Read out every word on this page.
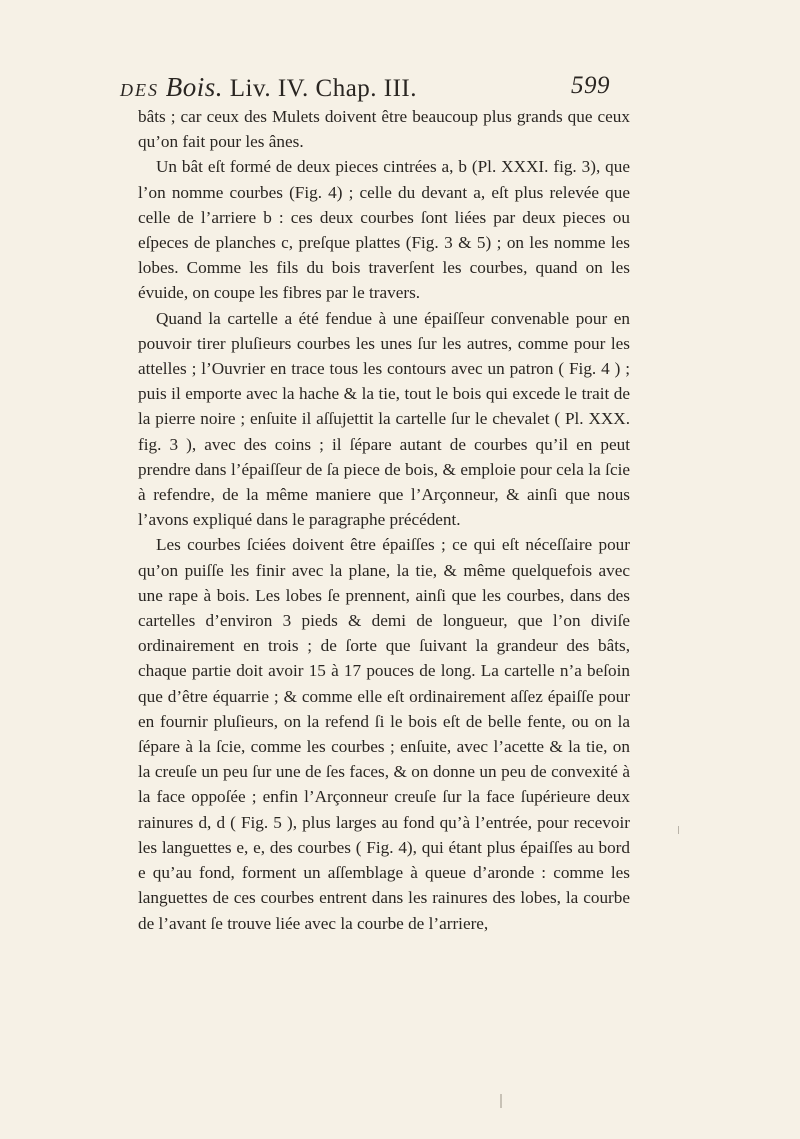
DES Bois. Liv. IV. Chap. III.	599

bâts ; car ceux des Mulets doivent être beaucoup plus grands que ceux qu’on fait pour les ânes.

Un bât eſt formé de deux pieces cintrées a, b (Pl. XXXI. fig. 3), que l’on nomme courbes (Fig. 4) ; celle du devant a, eſt plus relevée que celle de l’arriere b : ces deux courbes ſont liées par deux pieces ou eſpeces de planches c, preſque plattes (Fig. 3 & 5) ; on les nomme les lobes. Comme les fils du bois traverſent les courbes, quand on les évuide, on coupe les fibres par le travers.

Quand la cartelle a été fendue à une épaiſſeur convenable pour en pouvoir tirer pluſieurs courbes les unes ſur les autres, comme pour les attelles ; l’Ouvrier en trace tous les contours avec un patron ( Fig. 4 ) ; puis il emporte avec la hache & la tie, tout le bois qui excede le trait de la pierre noire ; enſuite il aſſujettit la cartelle ſur le chevalet ( Pl. XXX. fig. 3 ), avec des coins ; il ſépare autant de courbes qu’il en peut prendre dans l’épaiſſeur de ſa piece de bois, & emploie pour cela la ſcie à refendre, de la même maniere que l’Arçonneur, & ainſi que nous l’avons expliqué dans le paragraphe précédent.

Les courbes ſciées doivent être épaiſſes ; ce qui eſt néceſſaire pour qu’on puiſſe les finir avec la plane, la tie, & même quelquefois avec une rape à bois. Les lobes ſe prennent, ainſi que les courbes, dans des cartelles d’environ 3 pieds & demi de longueur, que l’on diviſe ordinairement en trois ; de ſorte que ſuivant la grandeur des bâts, chaque partie doit avoir 15 à 17 pouces de long. La cartelle n’a beſoin que d’être équarrie ; & comme elle eſt ordinairement aſſez épaiſſe pour en fournir pluſieurs, on la refend ſi le bois eſt de belle fente, ou on la ſépare à la ſcie, comme les courbes ; enſuite, avec l’acette & la tie, on la creuſe un peu ſur une de ſes faces, & on donne un peu de convexité à la face oppoſée ; enfin l’Arçonneur creuſe ſur la face ſupérieure deux rainures d, d ( Fig. 5 ), plus larges au fond qu’à l’entrée, pour recevoir les languettes e, e, des courbes ( Fig. 4), qui étant plus épaiſſes au bord e qu’au fond, forment un aſſemblage à queue d’aronde : comme les languettes de ces courbes entrent dans les rainures des lobes, la courbe de l’avant ſe trouve liée avec la courbe de l’arriere,
